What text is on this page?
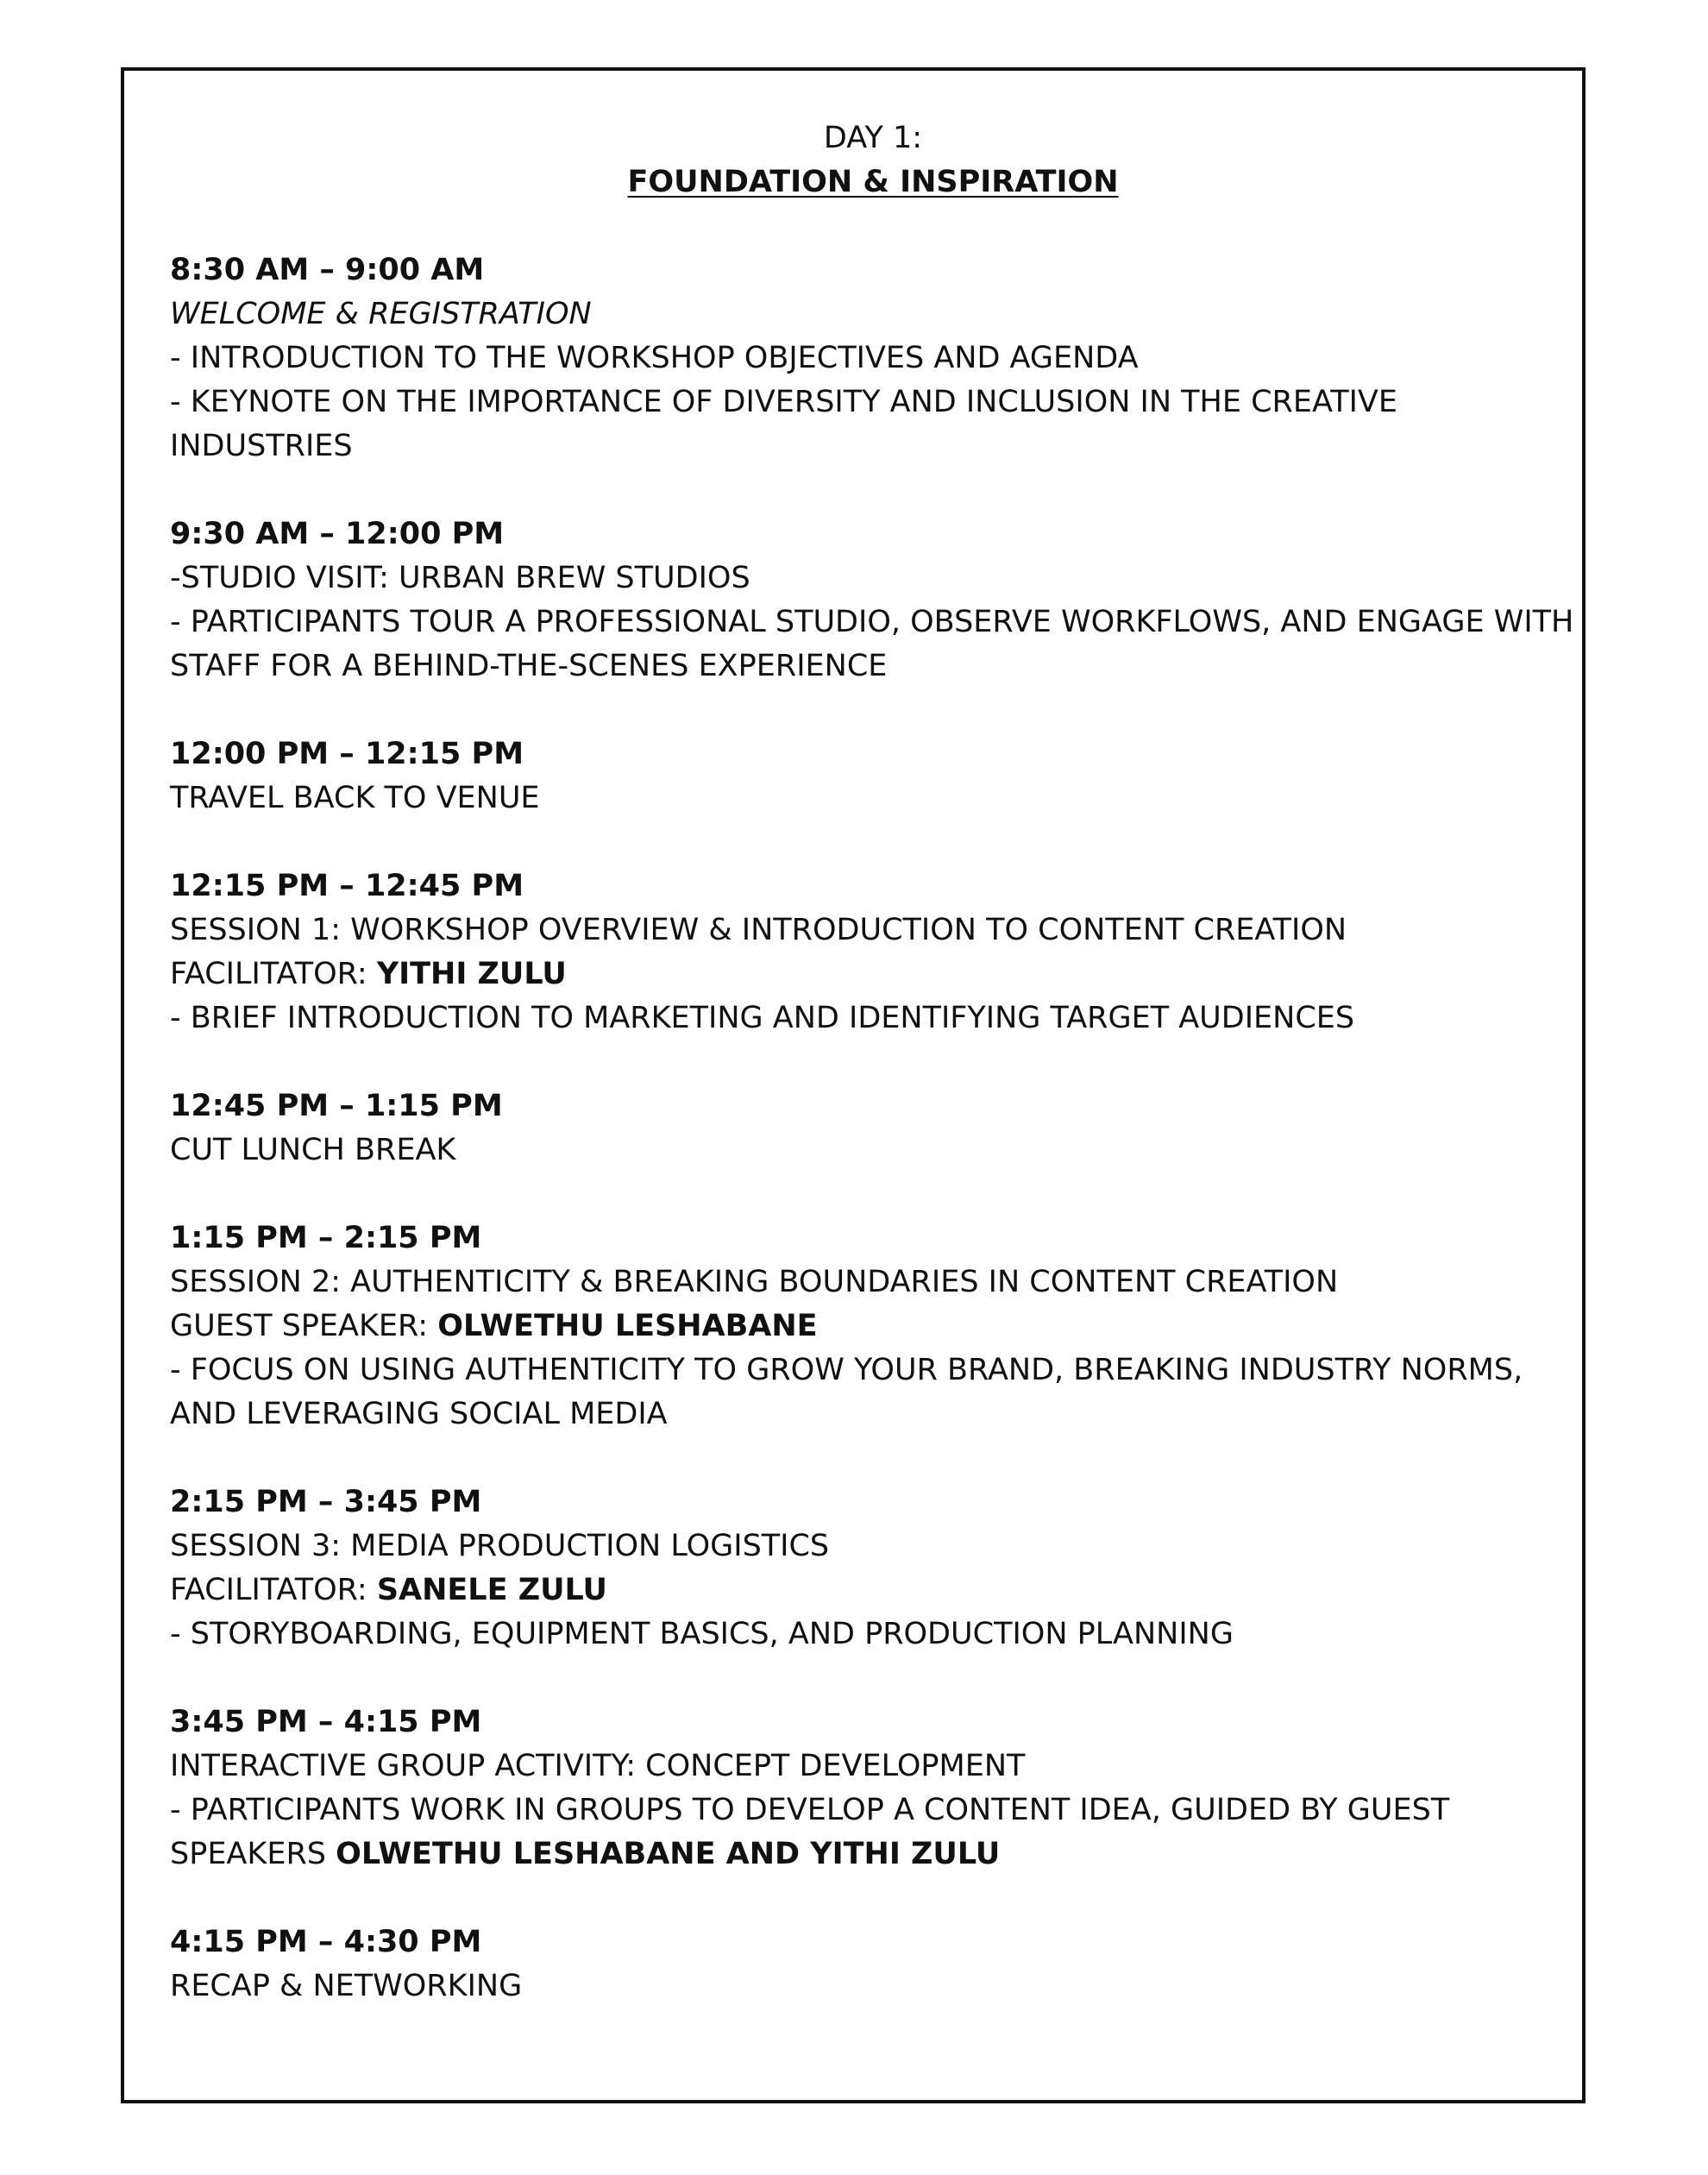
DAY 1:
FOUNDATION & INSPIRATION
8:30 AM – 9:00 AM
WELCOME & REGISTRATION
- INTRODUCTION TO THE WORKSHOP OBJECTIVES AND AGENDA
- KEYNOTE ON THE IMPORTANCE OF DIVERSITY AND INCLUSION IN THE CREATIVE
INDUSTRIES
9:30 AM – 12:00 PM
-STUDIO VISIT: URBAN BREW STUDIOS
- PARTICIPANTS TOUR A PROFESSIONAL STUDIO, OBSERVE WORKFLOWS, AND ENGAGE WITH
STAFF FOR A BEHIND-THE-SCENES EXPERIENCE
12:00 PM – 12:15 PM
TRAVEL BACK TO VENUE
12:15 PM – 12:45 PM
SESSION 1: WORKSHOP OVERVIEW & INTRODUCTION TO CONTENT CREATION
FACILITATOR: YITHI ZULU
- BRIEF INTRODUCTION TO MARKETING AND IDENTIFYING TARGET AUDIENCES
12:45 PM – 1:15 PM
CUT LUNCH BREAK
1:15 PM – 2:15 PM
SESSION 2: AUTHENTICITY & BREAKING BOUNDARIES IN CONTENT CREATION
GUEST SPEAKER: OLWETHU LESHABANE
- FOCUS ON USING AUTHENTICITY TO GROW YOUR BRAND, BREAKING INDUSTRY NORMS,
AND LEVERAGING SOCIAL MEDIA
2:15 PM – 3:45 PM
SESSION 3: MEDIA PRODUCTION LOGISTICS
FACILITATOR: SANELE ZULU
- STORYBOARDING, EQUIPMENT BASICS, AND PRODUCTION PLANNING
3:45 PM – 4:15 PM
INTERACTIVE GROUP ACTIVITY: CONCEPT DEVELOPMENT
- PARTICIPANTS WORK IN GROUPS TO DEVELOP A CONTENT IDEA, GUIDED BY GUEST
SPEAKERS OLWETHU LESHABANE AND YITHI ZULU
4:15 PM – 4:30 PM
RECAP & NETWORKING
